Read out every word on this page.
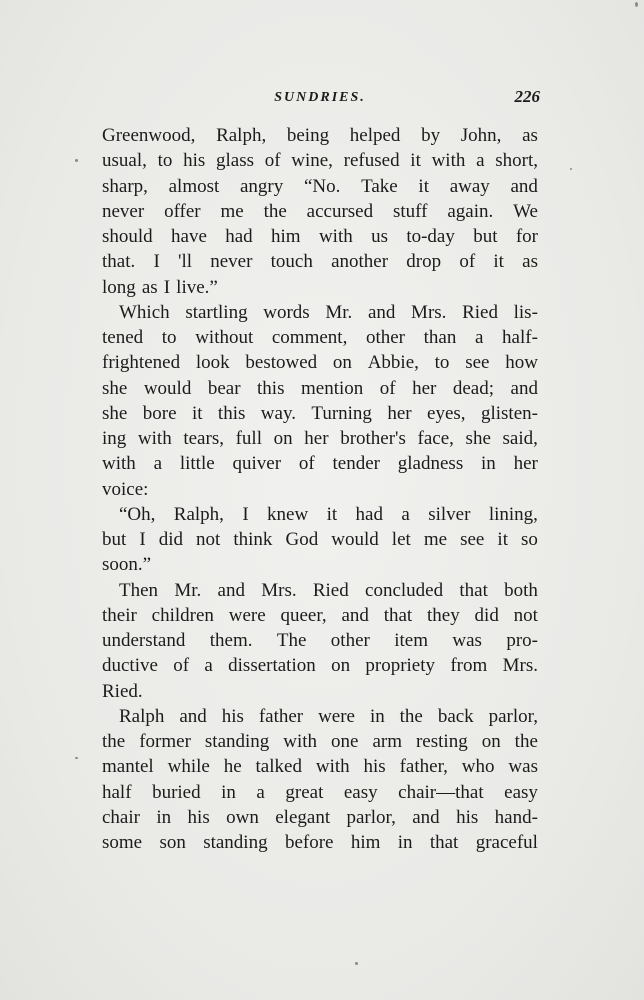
SUNDRIES.	226
Greenwood, Ralph, being helped by John, as
usual, to his glass of wine, refused it with a short,
sharp, almost angry “No. Take it away and
never offer me the accursed stuff again. We
should have had him with us to-day but for
that. I 'll never touch another drop of it as
long as I live.”
Which startling words Mr. and Mrs. Ried lis-
tened to without comment, other than a half-
frightened look bestowed on Abbie, to see how
she would bear this mention of her dead; and
she bore it this way. Turning her eyes, glisten-
ing with tears, full on her brother's face, she said,
with a little quiver of tender gladness in her
voice:
“Oh, Ralph, I knew it had a silver lining,
but I did not think God would let me see it so
soon.”
Then Mr. and Mrs. Ried concluded that both
their children were queer, and that they did not
understand them. The other item was pro-
ductive of a dissertation on propriety from Mrs.
Ried.
Ralph and his father were in the back parlor,
the former standing with one arm resting on the
mantel while he talked with his father, who was
half buried in a great easy chair—that easy
chair in his own elegant parlor, and his hand-
some son standing before him in that graceful
